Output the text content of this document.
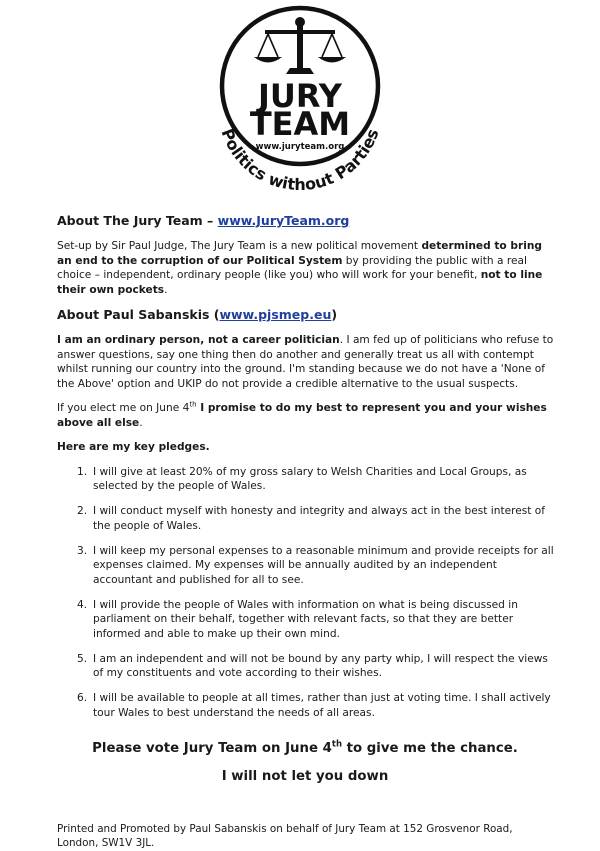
JURY
TEAM
www.juryteam.org
Politics without Parties
About The Jury Team – www.JuryTeam.org

Set-up by Sir Paul Judge, The Jury Team is a new political movement determined to bring an end to the corruption of our Political System by providing the public with a real choice – independent, ordinary people (like you) who will work for your benefit, not to line their own pockets.

About Paul Sabanskis (www.pjsmep.eu)

I am an ordinary person, not a career politician. I am fed up of politicians who refuse to answer questions, say one thing then do another and generally treat us all with contempt whilst running our country into the ground. I'm standing because we do not have a 'None of the Above' option and UKIP do not provide a credible alternative to the usual suspects.

If you elect me on June 4th I promise to do my best to represent you and your wishes above all else.

Here are my key pledges.

1. I will give at least 20% of my gross salary to Welsh Charities and Local Groups, as selected by the people of Wales.
2. I will conduct myself with honesty and integrity and always act in the best interest of the people of Wales.
3. I will keep my personal expenses to a reasonable minimum and provide receipts for all expenses claimed. My expenses will be annually audited by an independent accountant and published for all to see.
4. I will provide the people of Wales with information on what is being discussed in parliament on their behalf, together with relevant facts, so that they are better informed and able to make up their own mind.
5. I am an independent and will not be bound by any party whip, I will respect the views of my constituents and vote according to their wishes.
6. I will be available to people at all times, rather than just at voting time. I shall actively tour Wales to best understand the needs of all areas.
Please vote Jury Team on June 4th to give me the chance.
I will not let you down
Printed and Promoted by Paul Sabanskis on behalf of Jury Team at 152 Grosvenor Road,
London, SW1V 3JL.
